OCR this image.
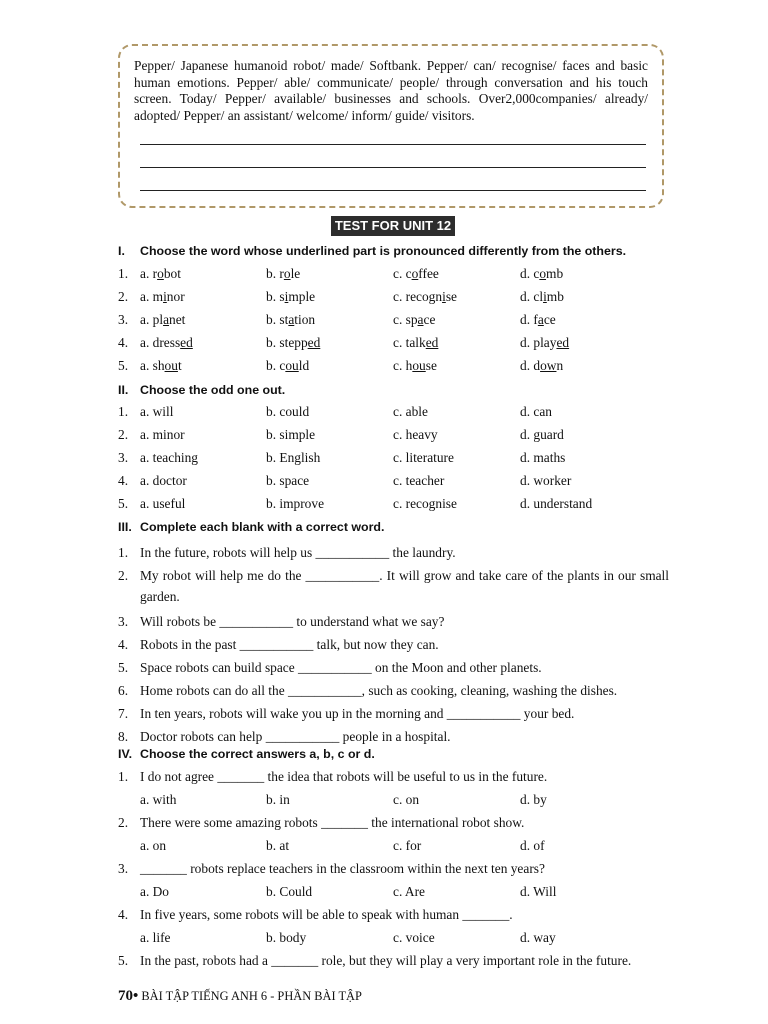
Pepper/ Japanese humanoid robot/ made/ Softbank. Pepper/ can/ recognise/ faces and basic human emotions. Pepper/ able/ communicate/ people/ through conversation and his touch screen. Today/ Pepper/ available/ businesses and schools. Over2,000companies/ already/ adopted/ Pepper/ an assistant/ welcome/ inform/ guide/ visitors.

TEST FOR UNIT 12
I. Choose the word whose underlined part is pronounced differently from the others.
1. a. robot	b. role	c. coffee	d. comb
2. a. minor	b. simple	c. recognise	d. climb
3. a. planet	b. station	c. space	d. face
4. a. dressed	b. stepped	c. talked	d. played
5. a. shout	b. could	c. house	d. down
II. Choose the odd one out.
1. a. will	b. could	c. able	d. can
2. a. minor	b. simple	c. heavy	d. guard
3. a. teaching	b. English	c. literature	d. maths
4. a. doctor	b. space	c. teacher	d. worker
5. a. useful	b. improve	c. recognise	d. understand
III. Complete each blank with a correct word.
1. In the future, robots will help us ___________ the laundry.
2. My robot will help me do the ___________. It will grow and take care of the plants in our small garden.
3. Will robots be ___________ to understand what we say?
4. Robots in the past ___________ talk, but now they can.
5. Space robots can build space ___________ on the Moon and other planets.
6. Home robots can do all the ___________, such as cooking, cleaning, washing the dishes.
7. In ten years, robots will wake you up in the morning and ___________ your bed.
8. Doctor robots can help ___________ people in a hospital.
IV. Choose the correct answers a, b, c or d.
1. I do not agree _______ the idea that robots will be useful to us in the future.
a. with	b. in	c. on	d. by
2. There were some amazing robots _______ the international robot show.
a. on	b. at	c. for	d. of
3. _______ robots replace teachers in the classroom within the next ten years?
a. Do	b. Could	c. Are	d. Will
4. In five years, some robots will be able to speak with human _______.
a. life	b. body	c. voice	d. way
5. In the past, robots had a _______ role, but they will play a very important role in the future.
70• BÀI TẬP TIẾNG ANH 6 - PHẦN BÀI TẬP
